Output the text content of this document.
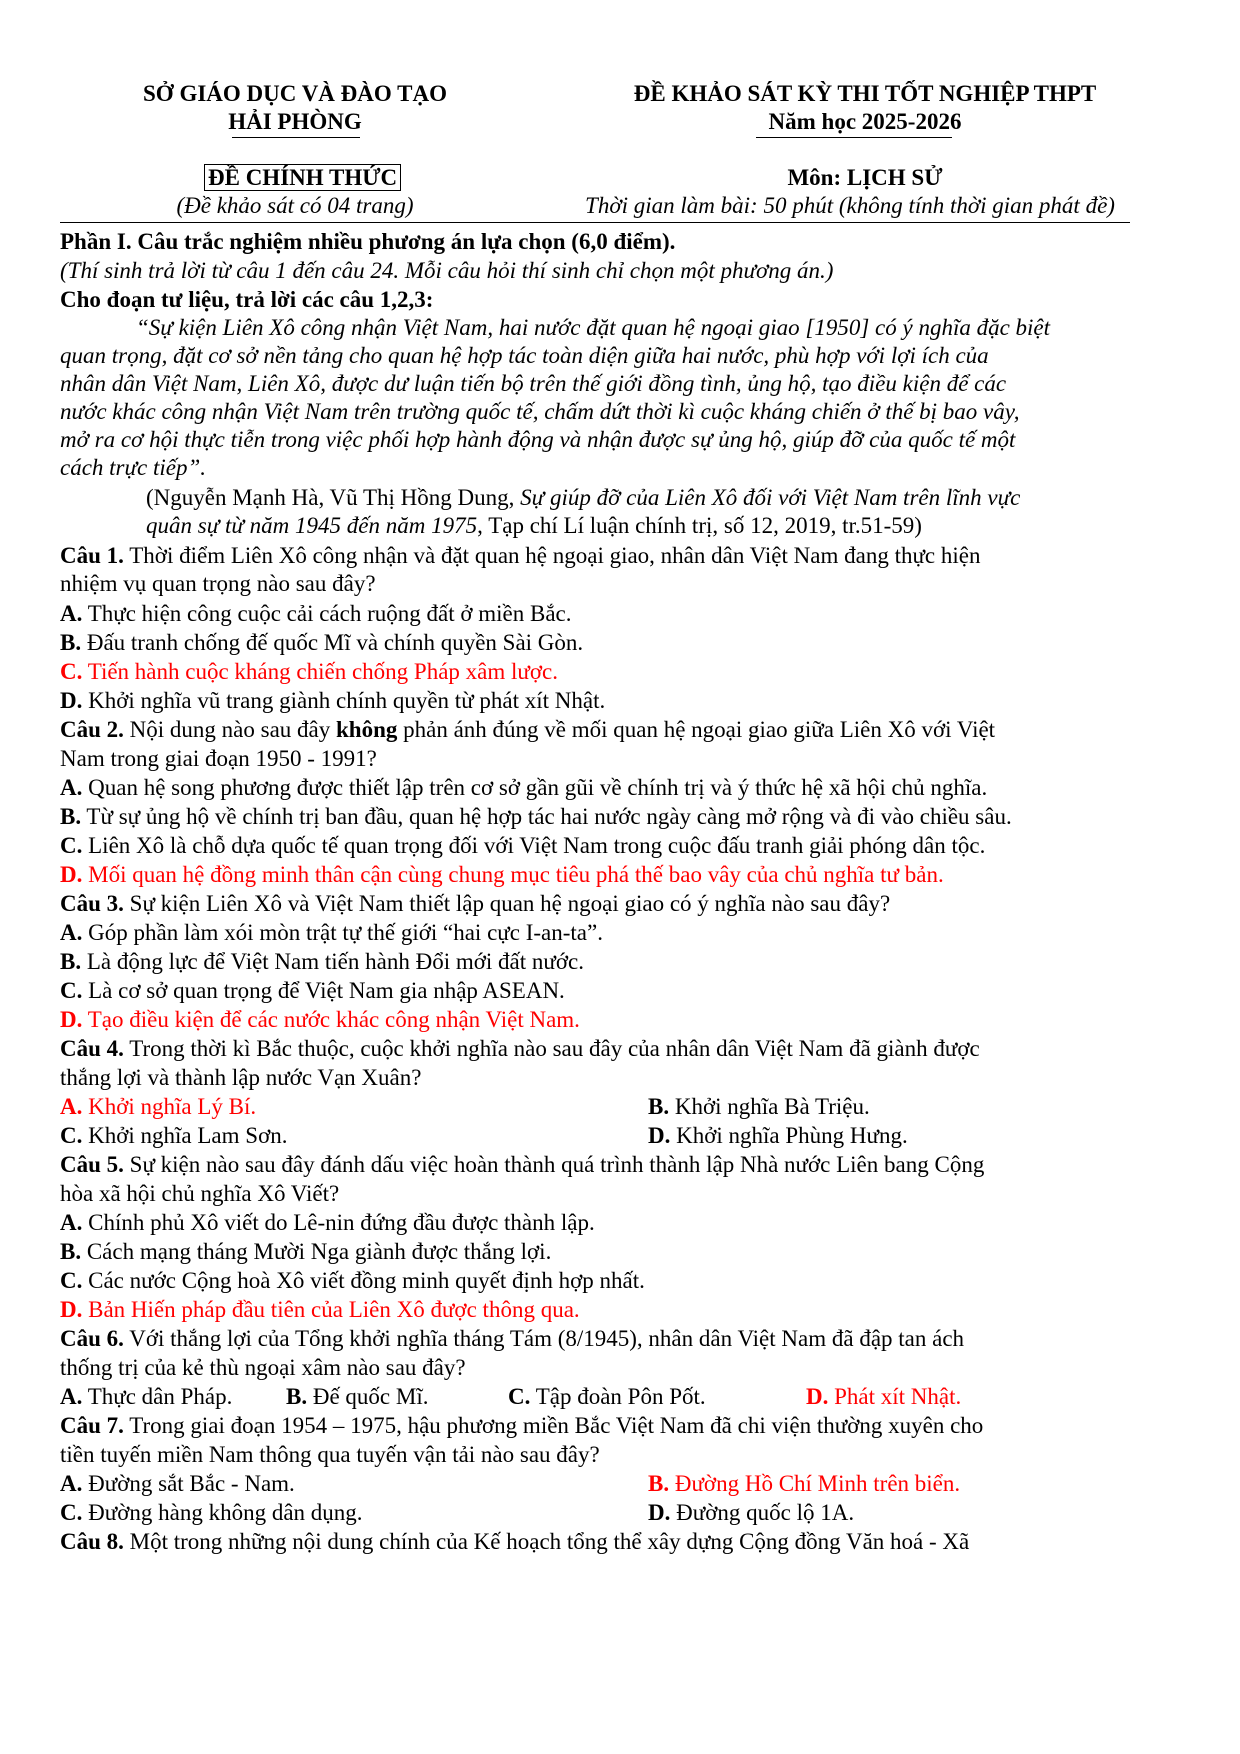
SỞ GIÁO DỤC VÀ ĐÀO TẠO
HẢI PHÒNG
ĐỀ KHẢO SÁT KỲ THI TỐT NGHIỆP THPT
Năm học 2025-2026
ĐỀ CHÍNH THỨC	Môn: LỊCH SỬ
(Đề khảo sát có 04 trang)	Thời gian làm bài: 50 phút (không tính thời gian phát đề)
Phần I. Câu trắc nghiệm nhiều phương án lựa chọn (6,0 điểm).
(Thí sinh trả lời từ câu 1 đến câu 24. Mỗi câu hỏi thí sinh chỉ chọn một phương án.)
Cho đoạn tư liệu, trả lời các câu 1,2,3:
“Sự kiện Liên Xô công nhận Việt Nam, hai nước đặt quan hệ ngoại giao [1950] có ý nghĩa đặc biệt
quan trọng, đặt cơ sở nền tảng cho quan hệ hợp tác toàn diện giữa hai nước, phù hợp với lợi ích của
nhân dân Việt Nam, Liên Xô, được dư luận tiến bộ trên thế giới đồng tình, ủng hộ, tạo điều kiện để các
nước khác công nhận Việt Nam trên trường quốc tế, chấm dứt thời kì cuộc kháng chiến ở thế bị bao vây,
mở ra cơ hội thực tiễn trong việc phối hợp hành động và nhận được sự ủng hộ, giúp đỡ của quốc tế một
cách trực tiếp”.
(Nguyễn Mạnh Hà, Vũ Thị Hồng Dung, Sự giúp đỡ của Liên Xô đối với Việt Nam trên lĩnh vực
quân sự từ năm 1945 đến năm 1975, Tạp chí Lí luận chính trị, số 12, 2019, tr.51-59)
Câu 1. Thời điểm Liên Xô công nhận và đặt quan hệ ngoại giao, nhân dân Việt Nam đang thực hiện
nhiệm vụ quan trọng nào sau đây?
A. Thực hiện công cuộc cải cách ruộng đất ở miền Bắc.
B. Đấu tranh chống đế quốc Mĩ và chính quyền Sài Gòn.
C. Tiến hành cuộc kháng chiến chống Pháp xâm lược.
D. Khởi nghĩa vũ trang giành chính quyền từ phát xít Nhật.
Câu 2. Nội dung nào sau đây không phản ánh đúng về mối quan hệ ngoại giao giữa Liên Xô với Việt
Nam trong giai đoạn 1950 - 1991?
A. Quan hệ song phương được thiết lập trên cơ sở gần gũi về chính trị và ý thức hệ xã hội chủ nghĩa.
B. Từ sự ủng hộ về chính trị ban đầu, quan hệ hợp tác hai nước ngày càng mở rộng và đi vào chiều sâu.
C. Liên Xô là chỗ dựa quốc tế quan trọng đối với Việt Nam trong cuộc đấu tranh giải phóng dân tộc.
D. Mối quan hệ đồng minh thân cận cùng chung mục tiêu phá thế bao vây của chủ nghĩa tư bản.
Câu 3. Sự kiện Liên Xô và Việt Nam thiết lập quan hệ ngoại giao có ý nghĩa nào sau đây?
A. Góp phần làm xói mòn trật tự thế giới “hai cực I-an-ta”.
B. Là động lực để Việt Nam tiến hành Đổi mới đất nước.
C. Là cơ sở quan trọng để Việt Nam gia nhập ASEAN.
D. Tạo điều kiện để các nước khác công nhận Việt Nam.
Câu 4. Trong thời kì Bắc thuộc, cuộc khởi nghĩa nào sau đây của nhân dân Việt Nam đã giành được
thắng lợi và thành lập nước Vạn Xuân?
A. Khởi nghĩa Lý Bí.	B. Khởi nghĩa Bà Triệu.
C. Khởi nghĩa Lam Sơn.	D. Khởi nghĩa Phùng Hưng.
Câu 5. Sự kiện nào sau đây đánh dấu việc hoàn thành quá trình thành lập Nhà nước Liên bang Cộng
hòa xã hội chủ nghĩa Xô Viết?
A. Chính phủ Xô viết do Lê-nin đứng đầu được thành lập.
B. Cách mạng tháng Mười Nga giành được thắng lợi.
C. Các nước Cộng hoà Xô viết đồng minh quyết định hợp nhất.
D. Bản Hiến pháp đầu tiên của Liên Xô được thông qua.
Câu 6. Với thắng lợi của Tổng khởi nghĩa tháng Tám (8/1945), nhân dân Việt Nam đã đập tan ách
thống trị của kẻ thù ngoại xâm nào sau đây?
A. Thực dân Pháp. B. Đế quốc Mĩ.	C. Tập đoàn Pôn Pốt.	D. Phát xít Nhật.
Câu 7. Trong giai đoạn 1954 – 1975, hậu phương miền Bắc Việt Nam đã chi viện thường xuyên cho
tiền tuyến miền Nam thông qua tuyến vận tải nào sau đây?
A. Đường sắt Bắc - Nam.	B. Đường Hồ Chí Minh trên biển.
C. Đường hàng không dân dụng.	D. Đường quốc lộ 1A.
Câu 8. Một trong những nội dung chính của Kế hoạch tổng thể xây dựng Cộng đồng Văn hoá - Xã
